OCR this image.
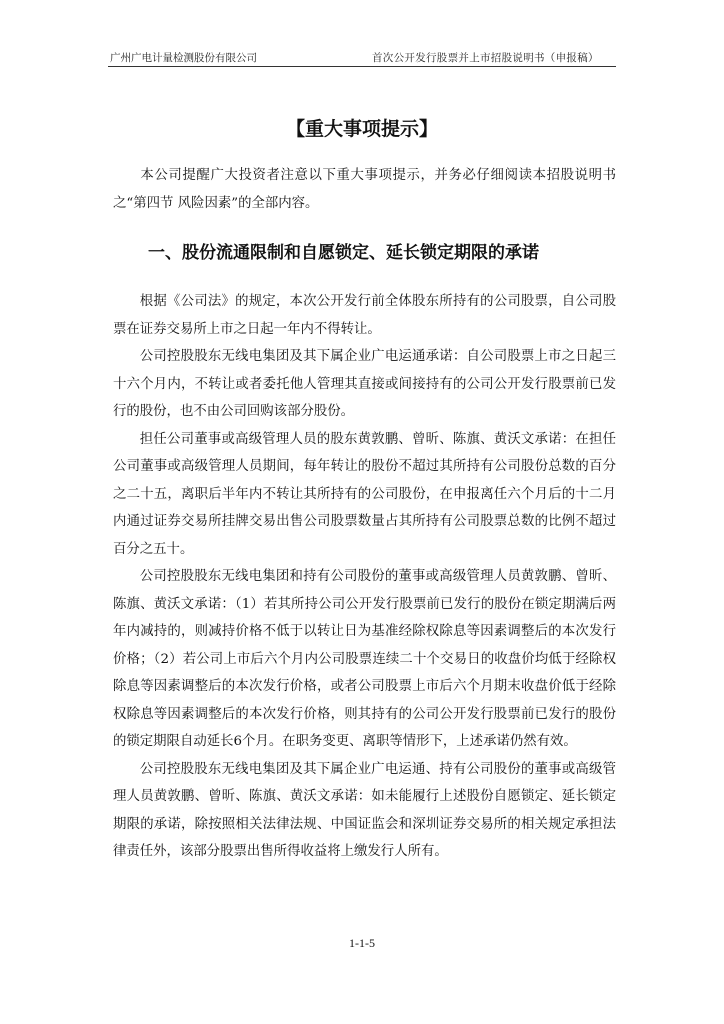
广州广电计量检测股份有限公司	首次公开发行股票并上市招股说明书（申报稿）
【重大事项提示】

本公司提醒广大投资者注意以下重大事项提示，并务必仔细阅读本招股说明书之“第四节 风险因素”的全部内容。

一、股份流通限制和自愿锁定、延长锁定期限的承诺

根据《公司法》的规定，本次公开发行前全体股东所持有的公司股票，自公司股票在证券交易所上市之日起一年内不得转让。

公司控股股东无线电集团及其下属企业广电运通承诺：自公司股票上市之日起三十六个月内，不转让或者委托他人管理其直接或间接持有的公司公开发行股票前已发行的股份，也不由公司回购该部分股份。

担任公司董事或高级管理人员的股东黄敦鹏、曾昕、陈旗、黄沃文承诺：在担任公司董事或高级管理人员期间，每年转让的股份不超过其所持有公司股份总数的百分之二十五，离职后半年内不转让其所持有的公司股份，在申报离任六个月后的十二月内通过证券交易所挂牌交易出售公司股票数量占其所持有公司股票总数的比例不超过百分之五十。

公司控股股东无线电集团和持有公司股份的董事或高级管理人员黄敦鹏、曾昕、陈旗、黄沃文承诺：（1）若其所持公司公开发行股票前已发行的股份在锁定期满后两年内减持的，则减持价格不低于以转让日为基准经除权除息等因素调整后的本次发行价格；（2）若公司上市后六个月内公司股票连续二十个交易日的收盘价均低于经除权除息等因素调整后的本次发行价格，或者公司股票上市后六个月期末收盘价低于经除权除息等因素调整后的本次发行价格，则其持有的公司公开发行股票前已发行的股份的锁定期限自动延长6个月。在职务变更、离职等情形下，上述承诺仍然有效。

公司控股股东无线电集团及其下属企业广电运通、持有公司股份的董事或高级管理人员黄敦鹏、曾昕、陈旗、黄沃文承诺：如未能履行上述股份自愿锁定、延长锁定期限的承诺，除按照相关法律法规、中国证监会和深圳证券交易所的相关规定承担法律责任外，该部分股票出售所得收益将上缴发行人所有。

1-1-5
